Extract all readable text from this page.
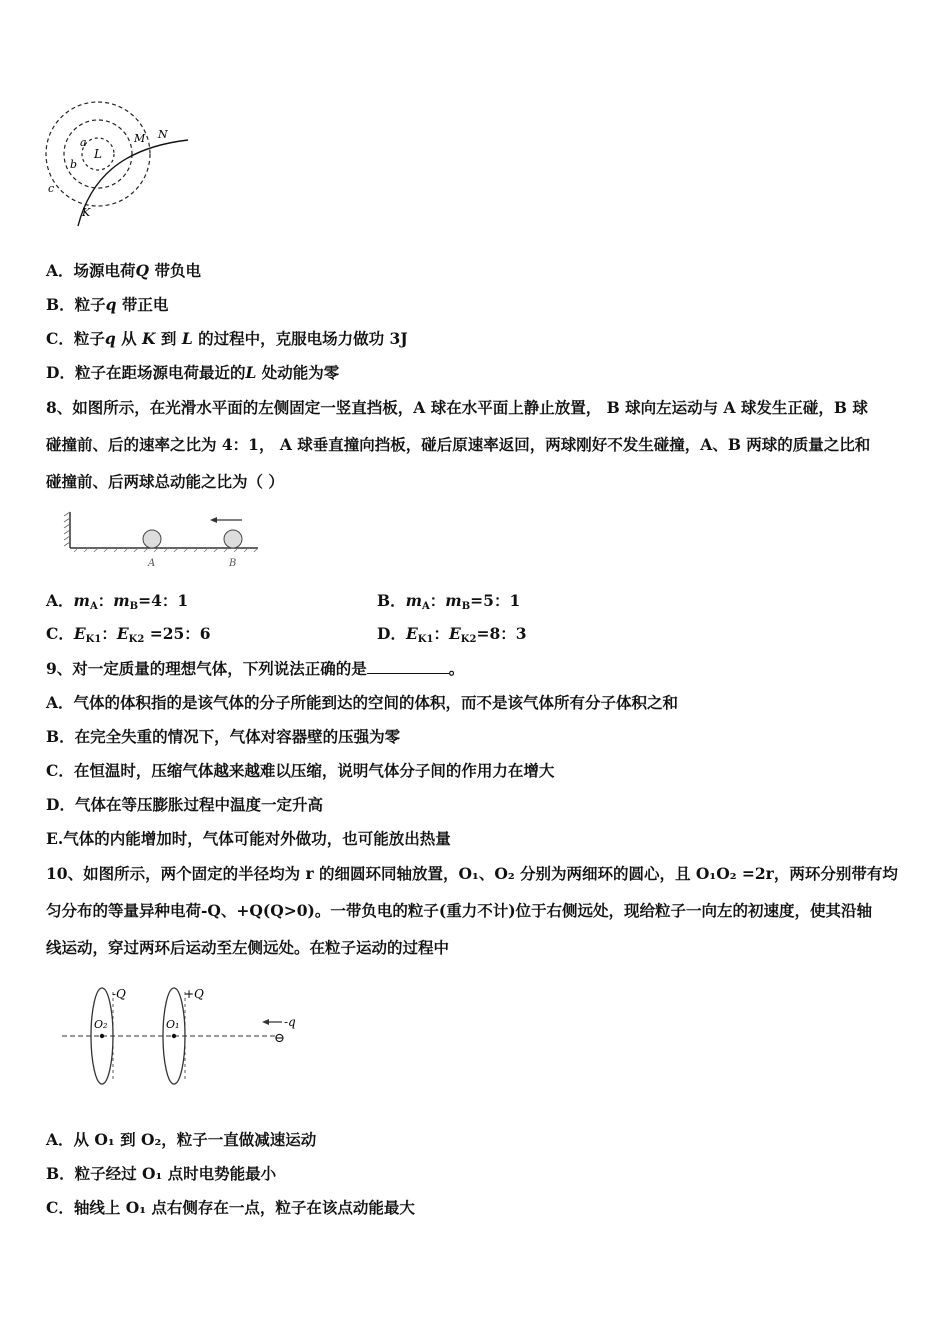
a
b
c
L
M N
K
A．场源电荷Q 带负电
B．粒子q 带正电
C．粒子q 从 K 到 L 的过程中，克服电场力做功 3J
D．粒子在距场源电荷最近的L 处动能为零
8、如图所示，在光滑水平面的左侧固定一竖直挡板，A 球在水平面上静止放置， B 球向左运动与 A 球发生正碰，B 球
碰撞前、后的速率之比为 4：1， A 球垂直撞向挡板，碰后原速率返回，两球刚好不发生碰撞，A、B 两球的质量之比和
碰撞前、后两球总动能之比为（ ）
A	B
A．$m_A$：$m_B=4$：1	B．$m_A$：$m_B=5$：1
C．$E_{K1}$：$E_{K2} =25$：6	D．$E_{K1}$：$E_{K2}=8$：3
9、对一定质量的理想气体，下列说法正确的是	。
A．气体的体积指的是该气体的分子所能到达的空间的体积，而不是该气体所有分子体积之和
B．在完全失重的情况下，气体对容器壁的压强为零
C．在恒温时，压缩气体越来越难以压缩，说明气体分子间的作用力在增大
D．气体在等压膨胀过程中温度一定升高
E.气体的内能增加时，气体可能对外做功，也可能放出热量
10、如图所示，两个固定的半径均为 r 的细圆环同轴放置，O₁、O₂ 分别为两细环的圆心，且 O₁O₂ =2r，两环分别带有均
匀分布的等量异种电荷-Q、+Q(Q>0)。一带负电的粒子(重力不计)位于右侧远处，现给粒子一向左的初速度，使其沿轴
线运动，穿过两环后运动至左侧远处。在粒子运动的过程中
-Q	+Q
O₂	O₁	-q
⊖
A．从 O₁ 到 O₂，粒子一直做减速运动
B．粒子经过 O₁ 点时电势能最小
C．轴线上 O₁ 点右侧存在一点，粒子在该点动能最大
